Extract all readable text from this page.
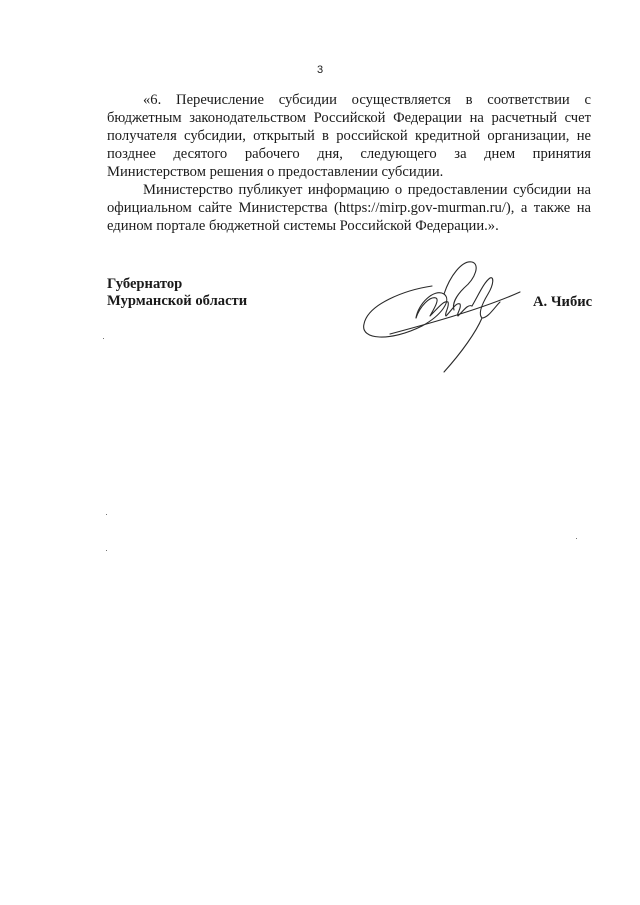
3

«6. Перечисление субсидии осуществляется в соответствии с бюджетным законодательством Российской Федерации на расчетный счет получателя субсидии, открытый в российской кредитной организации, не позднее десятого рабочего дня, следующего за днем принятия Министерством решения о предоставлении субсидии.

Министерство публикует информацию о предоставлении субсидии на официальном сайте Министерства (https://mirp.gov-murman.ru/), а также на едином портале бюджетной системы Российской Федерации.».

Губернатор
Мурманской области	А. Чибис
